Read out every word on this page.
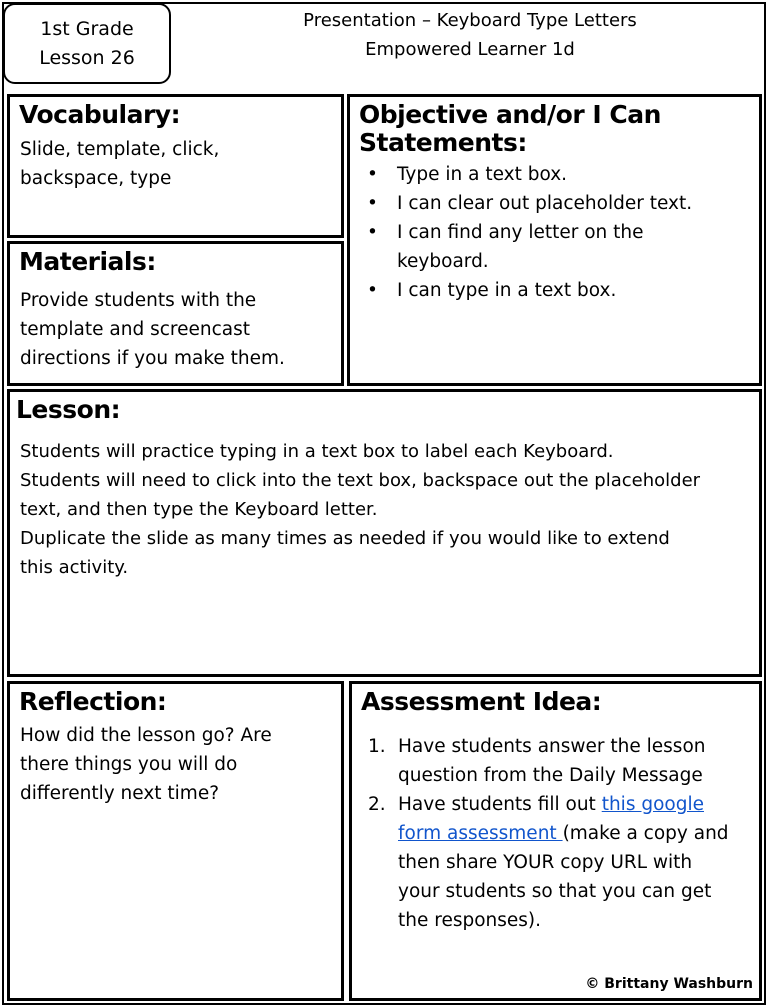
1st Grade
Lesson 26
Presentation – Keyboard Type Letters
Empowered Learner 1d
Vocabulary:
Slide, template, click,
backspace, type
Objective and/or I Can
Statements:
• Type in a text box.
• I can clear out placeholder text.
• I can find any letter on the keyboard.
• I can type in a text box.
Materials:
Provide students with the
template and screencast
directions if you make them.
Lesson:
Students will practice typing in a text box to label each Keyboard.
Students will need to click into the text box, backspace out the placeholder
text, and then type the Keyboard letter.
Duplicate the slide as many times as needed if you would like to extend
this activity.
Reflection:
How did the lesson go? Are
there things you will do
differently next time?
Assessment Idea:
1. Have students answer the lesson
question from the Daily Message
2. Have students fill out this google
form assessment (make a copy and
then share YOUR copy URL with
your students so that you can get
the responses).
© Brittany Washburn
